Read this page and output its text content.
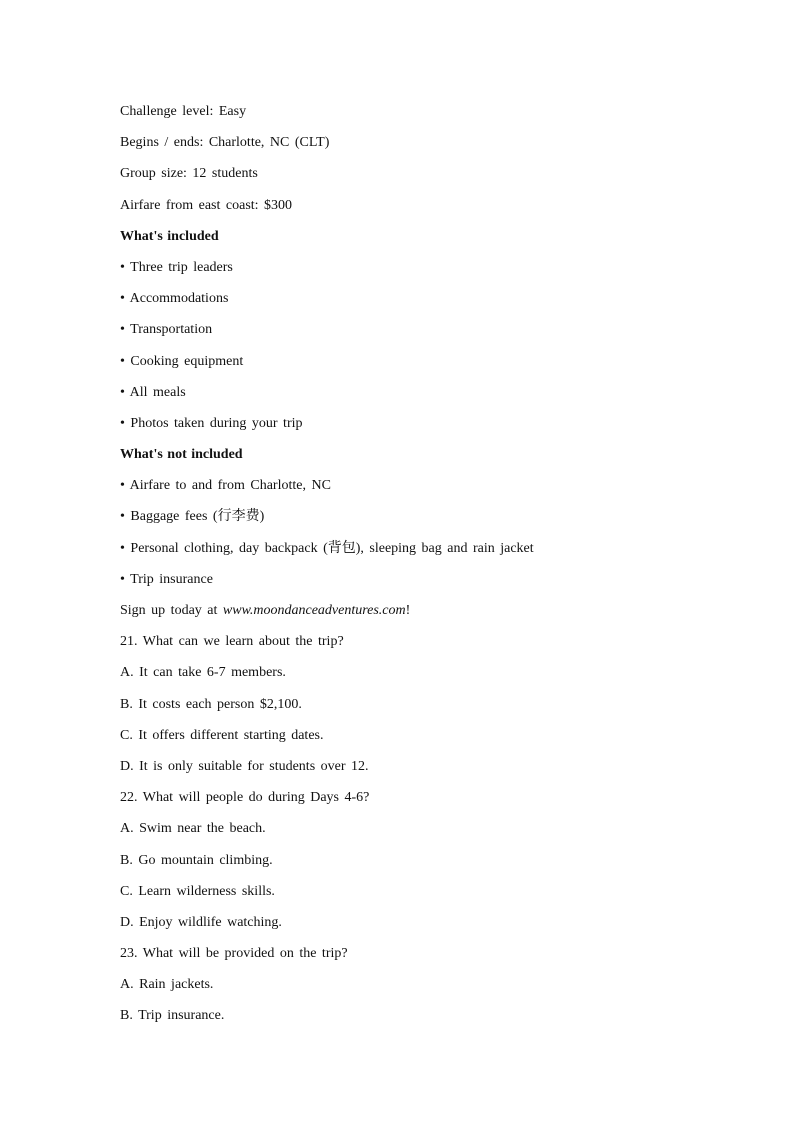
Challenge level: Easy
Begins / ends: Charlotte, NC (CLT)
Group size: 12 students
Airfare from east coast: $300
What's included
• Three trip leaders
• Accommodations
• Transportation
• Cooking equipment
• All meals
• Photos taken during your trip
What's not included
• Airfare to and from Charlotte, NC
• Baggage fees (行李费)
• Personal clothing, day backpack (背包), sleeping bag and rain jacket
• Trip insurance
Sign up today at www.moondanceadventures.com!
21. What can we learn about the trip?
A. It can take 6-7 members.
B. It costs each person $2,100.
C. It offers different starting dates.
D. It is only suitable for students over 12.
22. What will people do during Days 4-6?
A. Swim near the beach.
B. Go mountain climbing.
C. Learn wilderness skills.
D. Enjoy wildlife watching.
23. What will be provided on the trip?
A. Rain jackets.
B. Trip insurance.
